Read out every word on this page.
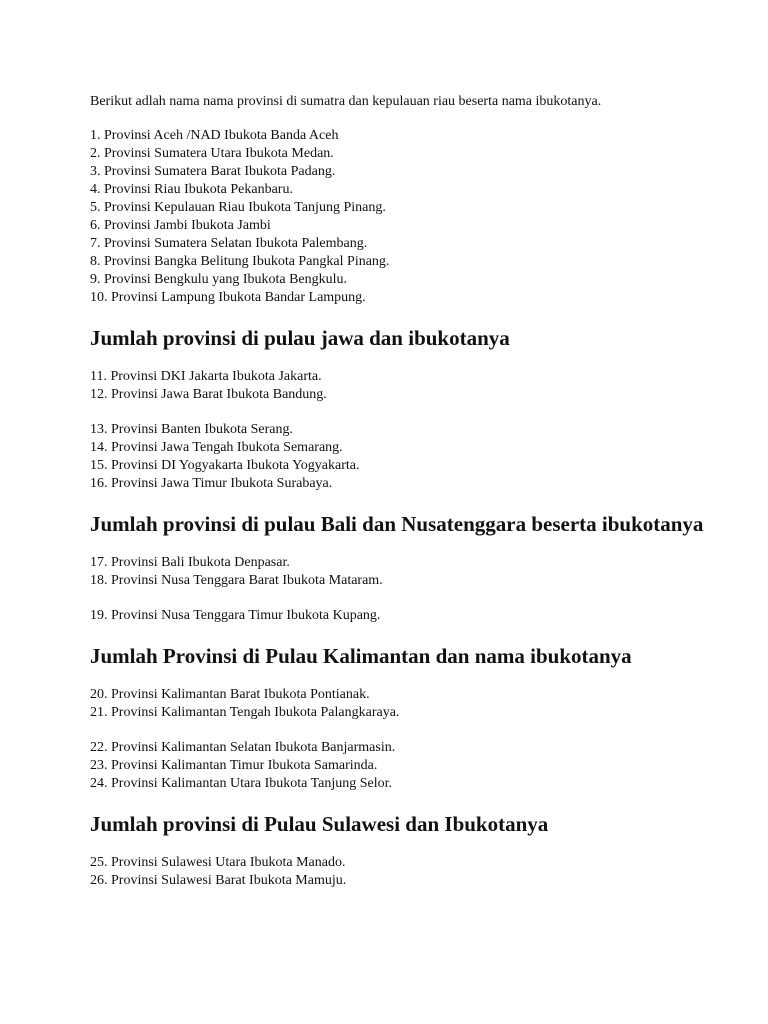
Berikut adlah nama nama provinsi di sumatra dan kepulauan riau beserta nama ibukotanya.

1. Provinsi Aceh /NAD Ibukota Banda Aceh
2. Provinsi Sumatera Utara Ibukota Medan.
3. Provinsi Sumatera Barat Ibukota Padang.
4. Provinsi Riau Ibukota Pekanbaru.
5. Provinsi Kepulauan Riau Ibukota Tanjung Pinang.
6. Provinsi Jambi Ibukota Jambi
7. Provinsi Sumatera Selatan Ibukota Palembang.
8. Provinsi Bangka Belitung Ibukota Pangkal Pinang.
9. Provinsi Bengkulu yang Ibukota Bengkulu.
10. Provinsi Lampung Ibukota Bandar Lampung.
Jumlah provinsi di pulau jawa dan ibukotanya
11. Provinsi DKI Jakarta Ibukota Jakarta.
12. Provinsi Jawa Barat Ibukota Bandung.
13. Provinsi Banten Ibukota Serang.
14. Provinsi Jawa Tengah Ibukota Semarang.
15. Provinsi DI Yogyakarta Ibukota Yogyakarta.
16. Provinsi Jawa Timur Ibukota Surabaya.
Jumlah provinsi di pulau Bali dan Nusatenggara beserta ibukotanya
17. Provinsi Bali Ibukota Denpasar.
18. Provinsi Nusa Tenggara Barat Ibukota Mataram.
19. Provinsi Nusa Tenggara Timur Ibukota Kupang.
Jumlah Provinsi di Pulau Kalimantan dan nama ibukotanya
20. Provinsi Kalimantan Barat Ibukota Pontianak.
21. Provinsi Kalimantan Tengah Ibukota Palangkaraya.
22. Provinsi Kalimantan Selatan Ibukota Banjarmasin.
23. Provinsi Kalimantan Timur Ibukota Samarinda.
24. Provinsi Kalimantan Utara Ibukota Tanjung Selor.
Jumlah provinsi di Pulau Sulawesi dan Ibukotanya
25. Provinsi Sulawesi Utara Ibukota Manado.
26. Provinsi Sulawesi Barat Ibukota Mamuju.
